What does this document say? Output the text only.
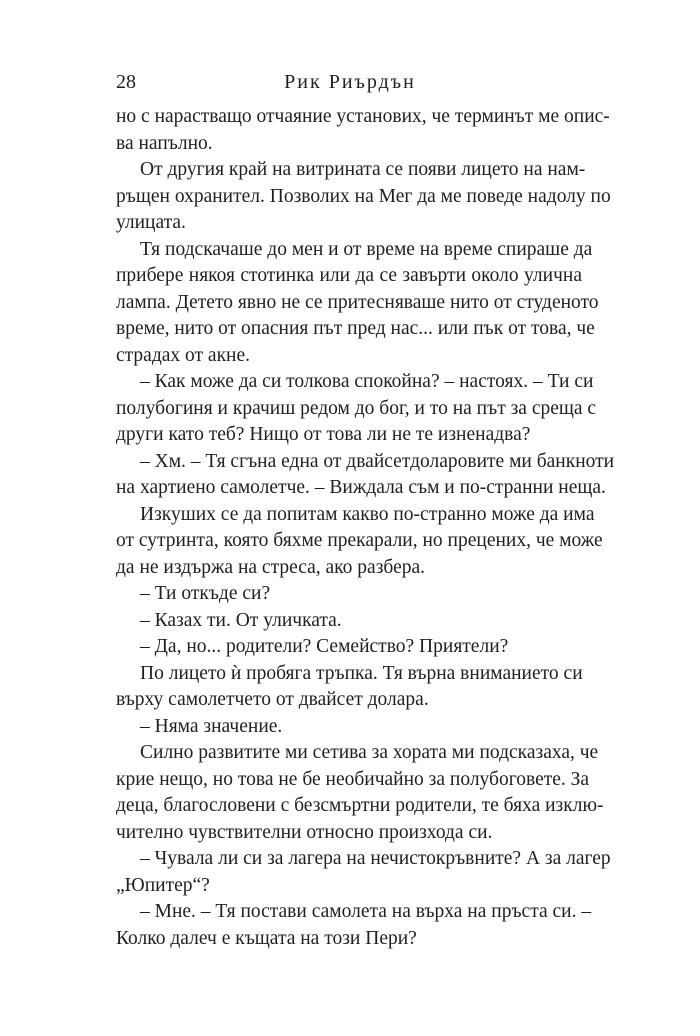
Рик Риърдън
28
но с нарастващо отчаяние установих, че терминът ме опис-
ва напълно.
От другия край на витрината се появи лицето на нам-
ръщен охранител. Позволих на Мег да ме поведе надолу по
улицата.
Тя подскачаше до мен и от време на време спираше да
прибере някоя стотинка или да се завърти около улична
лампа. Детето явно не се притесняваше нито от студеното
време, нито от опасния път пред нас... или пък от това, че
страдах от акне.
– Как може да си толкова спокойна? – настоях. – Ти си
полубогиня и крачиш редом до бог, и то на път за среща с
други като теб? Нищо от това ли не те изненадва?
– Хм. – Тя сгъна една от двайсетдоларовите ми банкноти
на хартиено самолетче. – Виждала съм и по-странни неща.
Изкуших се да попитам какво по-странно може да има
от сутринта, която бяхме прекарали, но прецених, че може
да не издържа на стреса, ако разбера.
– Ти откъде си?
– Казах ти. От уличката.
– Да, но... родители? Семейство? Приятели?
По лицето ѝ пробяга тръпка. Тя върна вниманието си
върху самолетчето от двайсет долара.
– Няма значение.
Силно развитите ми сетива за хората ми подсказаха, че
крие нещо, но това не бе необичайно за полубоговете. За
деца, благословени с безсмъртни родители, те бяха изклю-
чително чувствителни относно произхода си.
– Чувала ли си за лагера на нечистокръвните? А за лагер
„Юпитер“?
– Мне. – Тя постави самолета на върха на пръста си. –
Колко далеч е къщата на този Пери?
